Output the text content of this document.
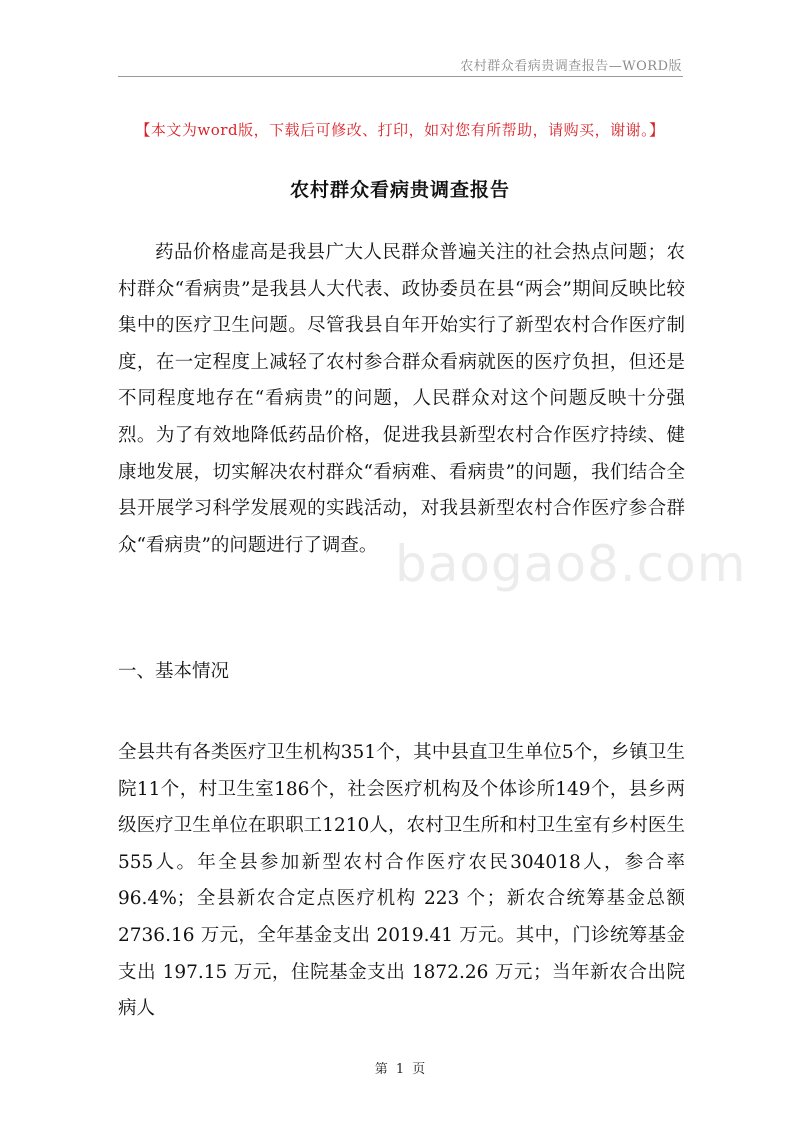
农村群众看病贵调查报告—WORD版
【本文为word版，下载后可修改、打印，如对您有所帮助，请购买，谢谢。】
农村群众看病贵调查报告

药品价格虚高是我县广大人民群众普遍关注的社会热点问题；农村群众“看病贵”是我县人大代表、政协委员在县“两会”期间反映比较集中的医疗卫生问题。尽管我县自年开始实行了新型农村合作医疗制度，在一定程度上减轻了农村参合群众看病就医的医疗负担，但还是不同程度地存在“看病贵”的问题，人民群众对这个问题反映十分强烈。为了有效地降低药品价格，促进我县新型农村合作医疗持续、健康地发展，切实解决农村群众“看病难、看病贵”的问题，我们结合全县开展学习科学发展观的实践活动，对我县新型农村合作医疗参合群众“看病贵”的问题进行了调查。 baogao8.com
一、基本情况

全县共有各类医疗卫生机构351个，其中县直卫生单位5个，乡镇卫生院11个，村卫生室186个，社会医疗机构及个体诊所149个，县乡两级医疗卫生单位在职职工1210人，农村卫生所和村卫生室有乡村医生555人。年全县参加新型农村合作医疗农民304018人，参合率 96.4%；全县新农合定点医疗机构 223 个；新农合统筹基金总额2736.16 万元，全年基金支出 2019.41 万元。其中，门诊统筹基金支出 197.15 万元，住院基金支出 1872.26 万元；当年新农合出院病人

第 1 页
